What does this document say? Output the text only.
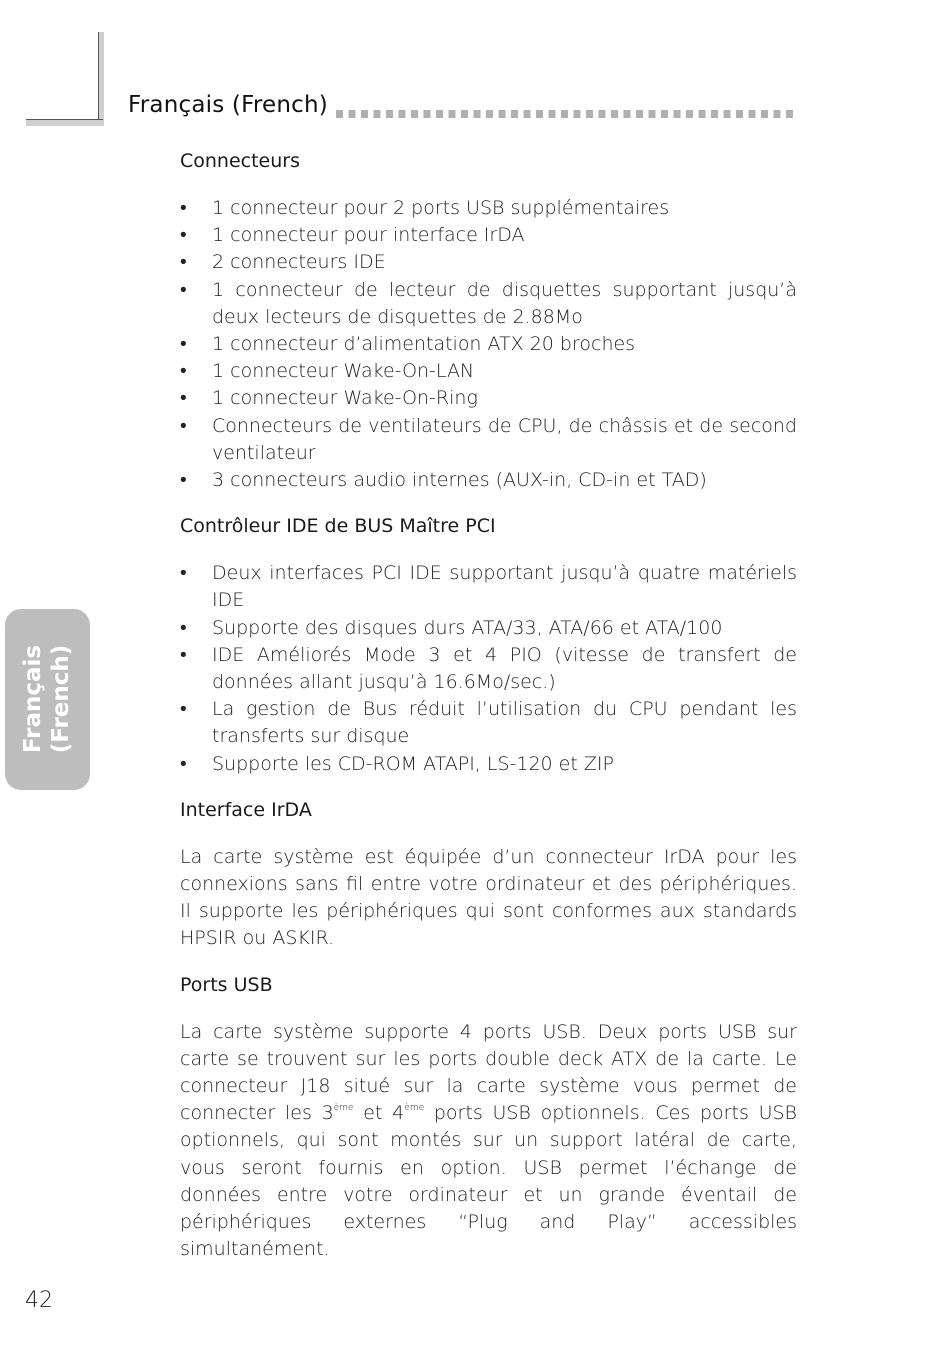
Français (French)
Français (French)
Connecteurs
• 1 connecteur pour 2 ports USB supplémentaires
• 1 connecteur pour interface IrDA
• 2 connecteurs IDE
• 1 connecteur de lecteur de disquettes supportant jusqu’à deux lecteurs de disquettes de 2.88Mo
• 1 connecteur d’alimentation ATX 20 broches
• 1 connecteur Wake-On-LAN
• 1 connecteur Wake-On-Ring
• Connecteurs de ventilateurs de CPU, de châssis et de second ventilateur
• 3 connecteurs audio internes (AUX-in, CD-in et TAD)
Contrôleur IDE de BUS Maître PCI
• Deux interfaces PCI IDE supportant jusqu’à quatre matériels IDE
• Supporte des disques durs ATA/33, ATA/66 et ATA/100
• IDE Améliorés Mode 3 et 4 PIO (vitesse de transfert de données allant jusqu’à 16.6Mo/sec.)
• La gestion de Bus réduit l’utilisation du CPU pendant les transferts sur disque
• Supporte les CD-ROM ATAPI, LS-120 et ZIP
Interface IrDA

La carte système est équipée d’un connecteur IrDA pour les connexions sans fil entre votre ordinateur et des périphériques. Il supporte les périphériques qui sont conformes aux standards HPSIR ou ASKIR.

Ports USB

La carte système supporte 4 ports USB. Deux ports USB sur carte se trouvent sur les ports double deck ATX de la carte. Le connecteur J18 situé sur la carte système vous permet de connecter les 3ème et 4ème ports USB optionnels. Ces ports USB optionnels, qui sont montés sur un support latéral de carte, vous seront fournis en option. USB permet l’échange de données entre votre ordinateur et un grande éventail de périphériques externes “Plug and Play” accessibles simultanément.

42
